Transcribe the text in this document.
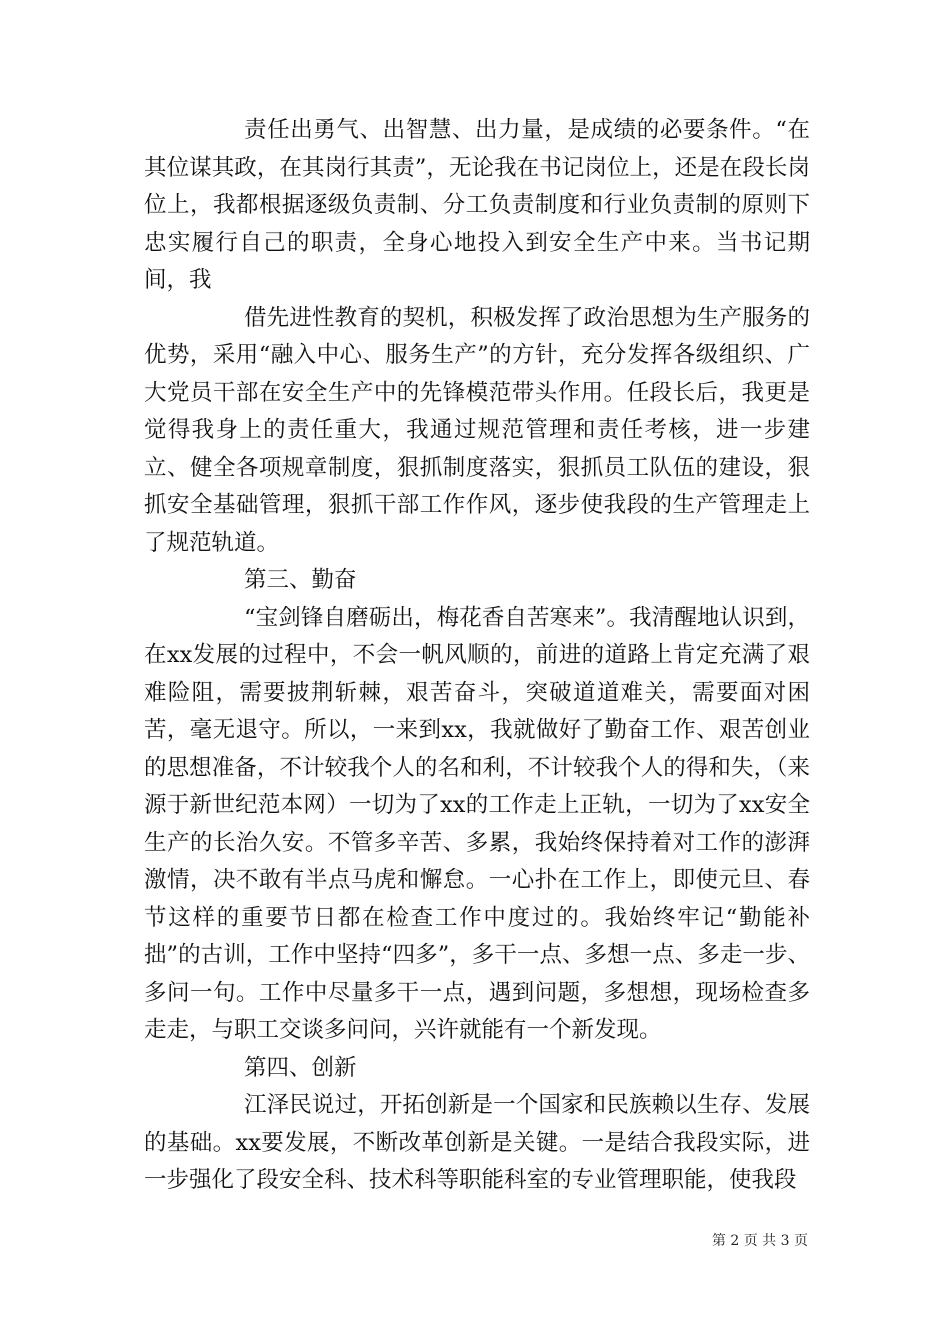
责任出勇气、出智慧、出力量，是成绩的必要条件。“在其位谋其政，在其岗行其责”，无论我在书记岗位上，还是在段长岗位上，我都根据逐级负责制、分工负责制度和行业负责制的原则下忠实履行自己的职责，全身心地投入到安全生产中来。当书记期间，我

借先进性教育的契机，积极发挥了政治思想为生产服务的优势，采用“融入中心、服务生产”的方针，充分发挥各级组织、广大党员干部在安全生产中的先锋模范带头作用。任段长后，我更是觉得我身上的责任重大，我通过规范管理和责任考核，进一步建立、健全各项规章制度，狠抓制度落实，狠抓员工队伍的建设，狠抓安全基础管理，狠抓干部工作作风，逐步使我段的生产管理走上了规范轨道。

第三、勤奋

“宝剑锋自磨砺出，梅花香自苦寒来”。我清醒地认识到，在xx发展的过程中，不会一帆风顺的，前进的道路上肯定充满了艰难险阻，需要披荆斩棘，艰苦奋斗，突破道道难关，需要面对困苦，毫无退守。所以，一来到xx，我就做好了勤奋工作、艰苦创业的思想准备，不计较我个人的名和利，不计较我个人的得和失，（来源于新世纪范本网）一切为了xx的工作走上正轨，一切为了xx安全生产的长治久安。不管多辛苦、多累，我始终保持着对工作的澎湃激情，决不敢有半点马虎和懈怠。一心扑在工作上，即使元旦、春节这样的重要节日都在检查工作中度过的。我始终牢记“勤能补拙”的古训，工作中坚持“四多”，多干一点、多想一点、多走一步、多问一句。工作中尽量多干一点，遇到问题，多想想，现场检查多走走，与职工交谈多问问，兴许就能有一个新发现。

第四、创新

江泽民说过，开拓创新是一个国家和民族赖以生存、发展的基础。xx要发展，不断改革创新是关键。一是结合我段实际，进一步强化了段安全科、技术科等职能科室的专业管理职能，使我段

第 2 页 共 3 页
